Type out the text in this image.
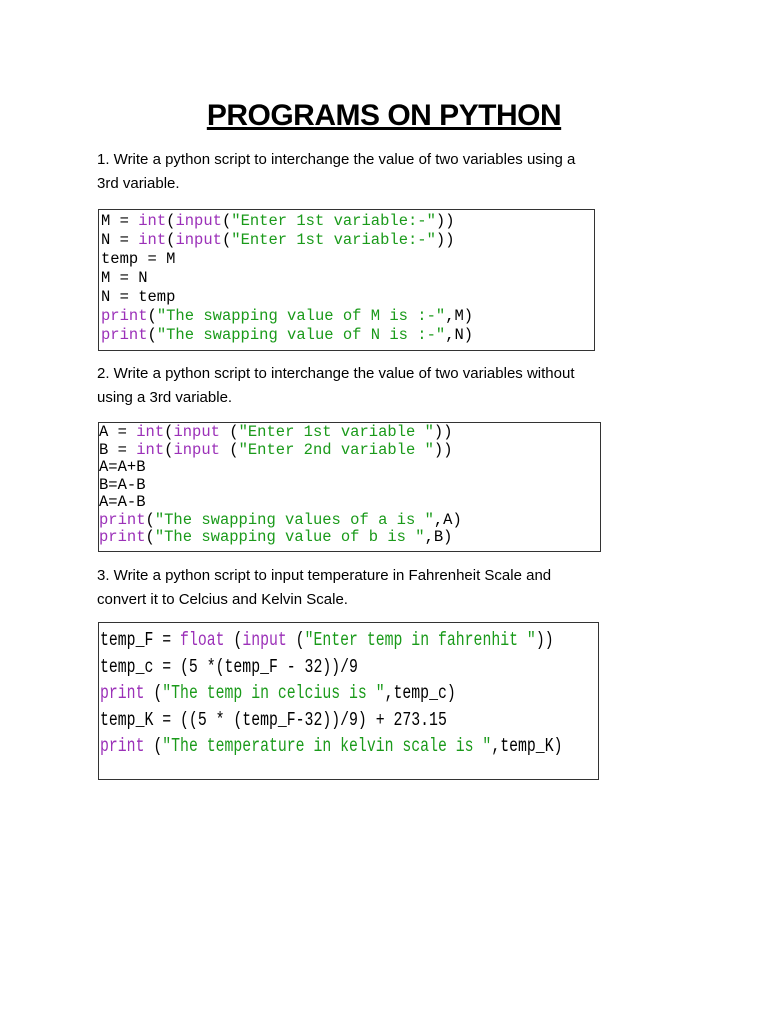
PROGRAMS ON PYTHON
1. Write a python script to interchange the value of two variables using a
3rd variable.
M = int(input("Enter 1st variable:-"))
N = int(input("Enter 1st variable:-"))
temp = M
M = N
N = temp
print("The swapping value of M is :-",M)
print("The swapping value of N is :-",N)
2. Write a python script to interchange the value of two variables without
using a 3rd variable.
A = int(input ("Enter 1st variable "))
B = int(input ("Enter 2nd variable "))
A=A+B
B=A-B
A=A-B
print("The swapping values of a is ",A)
print("The swapping value of b is ",B)
3. Write a python script to input temperature in Fahrenheit Scale and
convert it to Celcius and Kelvin Scale.
temp_F = float (input ("Enter temp in fahrenhit "))
temp_c = (5 *(temp_F - 32))/9
print ("The temp in celcius is ",temp_c)
temp_K = ((5 * (temp_F-32))/9) + 273.15
print ("The temperature in kelvin scale is ",temp_K)
